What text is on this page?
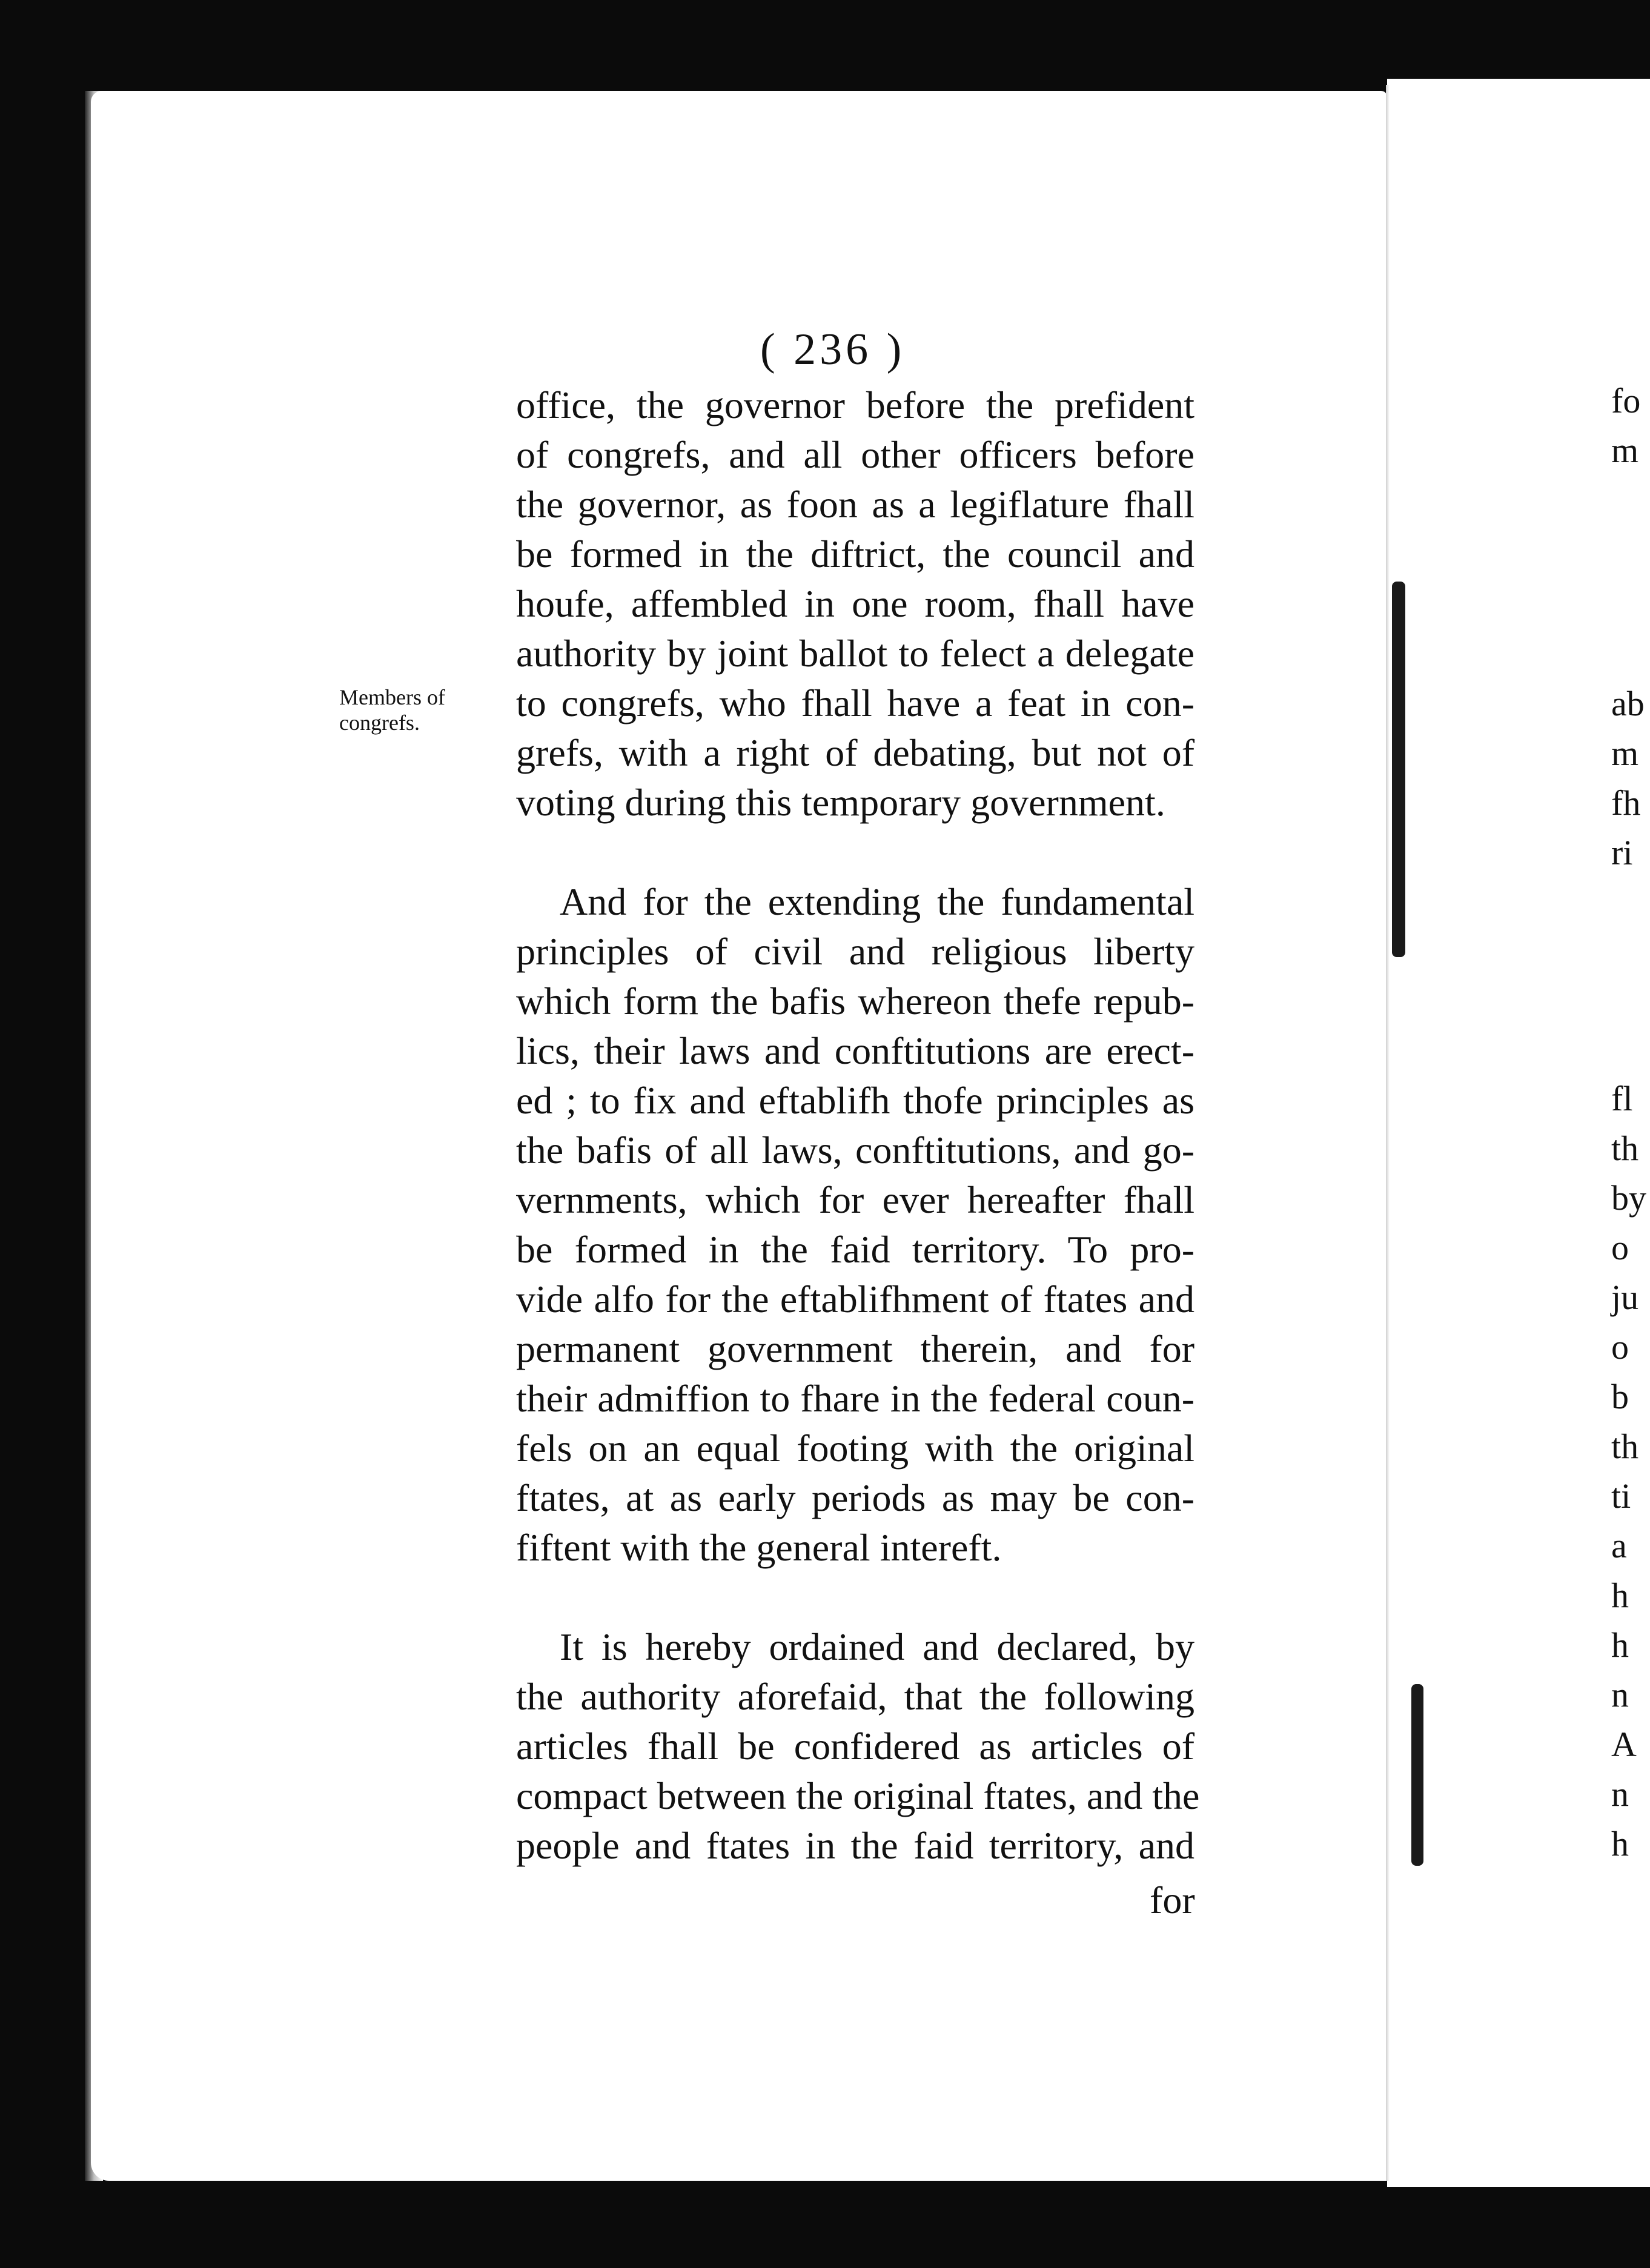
( 236 )
Members of
congrefs.
office, the governor before the prefident
of congrefs, and all other officers before
the governor, as foon as a legiflature fhall
be formed in the diftrict, the council and
houfe, affembled in one room, fhall have
authority by joint ballot to felect a delegate
to congrefs, who fhall have a feat in con-
grefs, with a right of debating, but not of
voting during this temporary government.
And for the extending the fundamental
principles of civil and religious liberty
which form the bafis whereon thefe repub-
lics, their laws and conftitutions are erect-
ed ; to fix and eftablifh thofe principles as
the bafis of all laws, conftitutions, and go-
vernments, which for ever hereafter fhall
be formed in the faid territory. To pro-
vide alfo for the eftablifhment of ftates and
permanent government therein, and for
their admiffion to fhare in the federal coun-
fels on an equal footing with the original
ftates, at as early periods as may be con-
fiftent with the general intereft.
It is hereby ordained and declared, by
the authority aforefaid, that the following
articles fhall be confidered as articles of
compact between the original ftates, and the
people and ftates in the faid territory, and
for
fo
m
ab
m
fh
ri
fl
th
by
o
ju
o
b
th
ti
a
h
h
n
A
n
h
